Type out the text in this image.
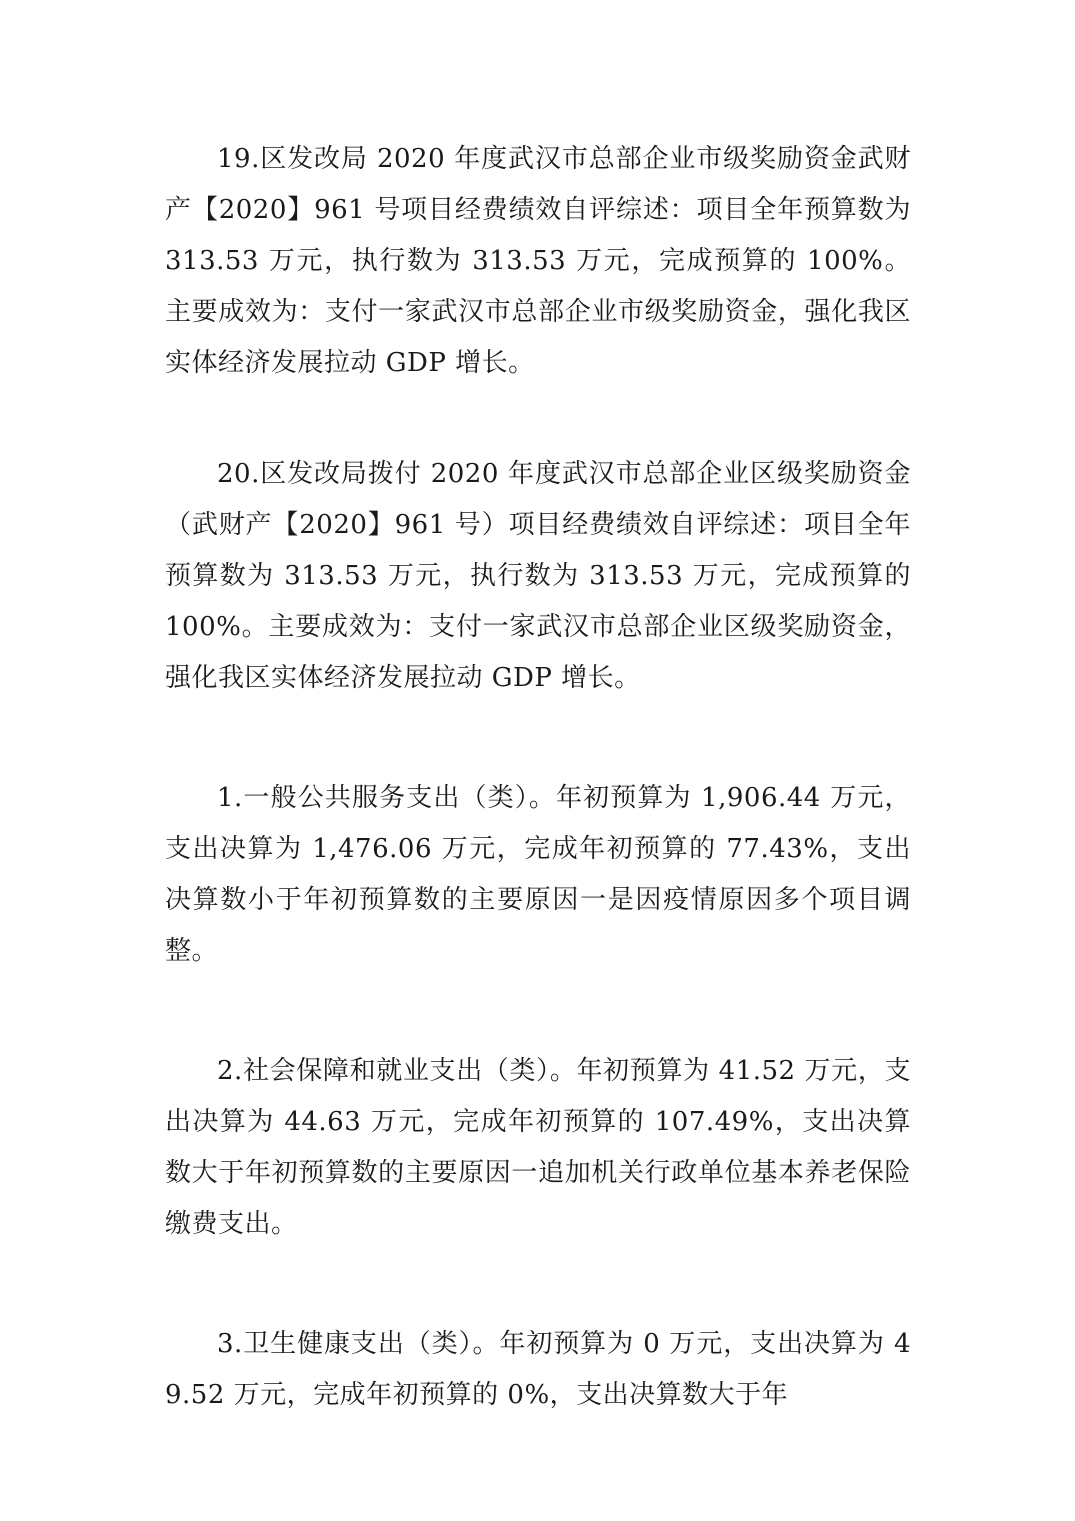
19.区发改局 2020 年度武汉市总部企业市级奖励资金武财产【2020】961 号项目经费绩效自评综述：项目全年预算数为 313.53 万元，执行数为 313.53 万元，完成预算的 100%。主要成效为：支付一家武汉市总部企业市级奖励资金，强化我区实体经济发展拉动 GDP 增长。

20.区发改局拨付 2020 年度武汉市总部企业区级奖励资金（武财产【2020】961 号）项目经费绩效自评综述：项目全年预算数为 313.53 万元，执行数为 313.53 万元，完成预算的 100%。主要成效为：支付一家武汉市总部企业区级奖励资金，强化我区实体经济发展拉动 GDP 增长。

1.一般公共服务支出（类）。年初预算为 1,906.44 万元，支出决算为 1,476.06 万元，完成年初预算的 77.43%，支出决算数小于年初预算数的主要原因一是因疫情原因多个项目调整。

2.社会保障和就业支出（类）。年初预算为 41.52 万元，支出决算为 44.63 万元，完成年初预算的 107.49%，支出决算数大于年初预算数的主要原因一追加机关行政单位基本养老保险缴费支出。

3.卫生健康支出（类）。年初预算为 0 万元，支出决算为 49.52 万元，完成年初预算的 0%，支出决算数大于年
